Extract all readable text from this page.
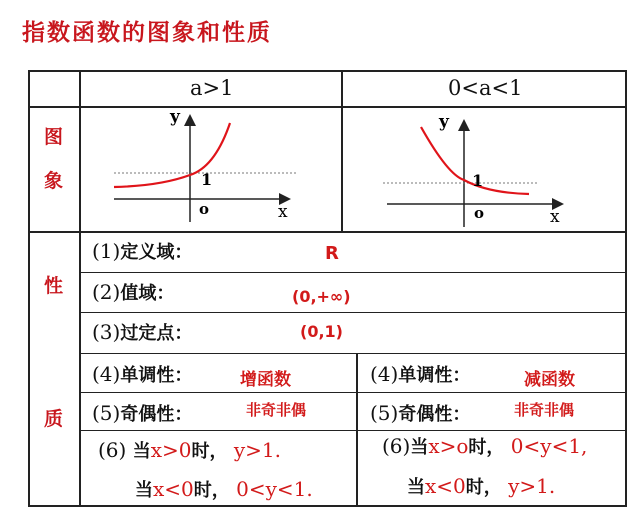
指数函数的图象和性质
a>1	0<a<1
图
象
性
质
y
1
o	x
y
1
o	x
(1)定义域：	R
(2)值域：	(0,+∞)
(3)过定点：	(0,1)
(4)单调性：	增函数	(4)单调性：	减函数
(5)奇偶性：	非奇非偶	(5)奇偶性：	非奇非偶
(6) 当x>0时， y>1.
当x<0时， 0<y<1.
(6)当x>o时， 0<y<1,
当x<0时， y>1.
